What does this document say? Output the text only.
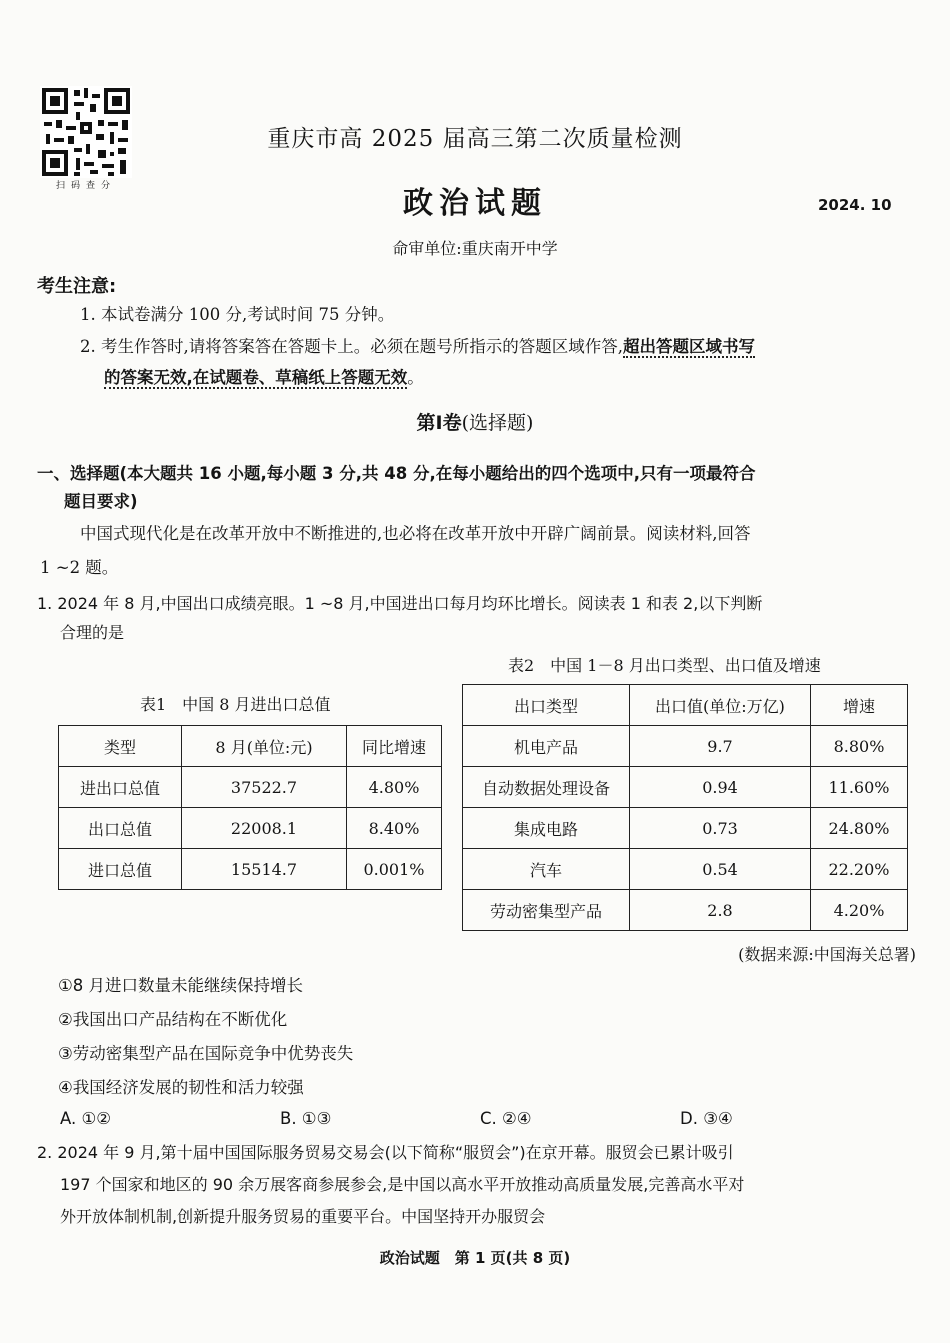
扫码查分
重庆市高 2025 届高三第二次质量检测
政治试题	2024. 10
命审单位:重庆南开中学
考生注意:
1. 本试卷满分 100 分,考试时间 75 分钟。
2. 考生作答时,请将答案答在答题卡上。必须在题号所指示的答题区域作答,超出答题区域书写
的答案无效,在试题卷、草稿纸上答题无效。
第Ⅰ卷(选择题)
一、选择题(本大题共 16 小题,每小题 3 分,共 48 分,在每小题给出的四个选项中,只有一项最符合
题目要求)
中国式现代化是在改革开放中不断推进的,也必将在改革开放中开辟广阔前景。阅读材料,回答
1 ~2 题。
1. 2024 年 8 月,中国出口成绩亮眼。1 ~8 月,中国进出口每月均环比增长。阅读表 1 和表 2,以下判断
合理的是
表1　中国 8 月进出口总值
类型	8 月(单位:元)	同比增速
进出口总值	37522.7	4.80%
出口总值	22008.1	8.40%
进口总值	15514.7	0.001%
表2　中国 1－8 月出口类型、出口值及增速
出口类型	出口值(单位:万亿)	增速
机电产品	9.7	8.80%
自动数据处理设备	0.94	11.60%
集成电路	0.73	24.80%
汽车	0.54	22.20%
劳动密集型产品	2.8	4.20%
(数据来源:中国海关总署)
①8 月进口数量未能继续保持增长
②我国出口产品结构在不断优化
③劳动密集型产品在国际竞争中优势丧失
④我国经济发展的韧性和活力较强
A. ①②	B. ①③	C. ②④	D. ③④
2. 2024 年 9 月,第十届中国国际服务贸易交易会(以下简称“服贸会”)在京开幕。服贸会已累计吸引
197 个国家和地区的 90 余万展客商参展参会,是中国以高水平开放推动高质量发展,完善高水平对
外开放体制机制,创新提升服务贸易的重要平台。中国坚持开办服贸会
政治试题　第 1 页(共 8 页)
